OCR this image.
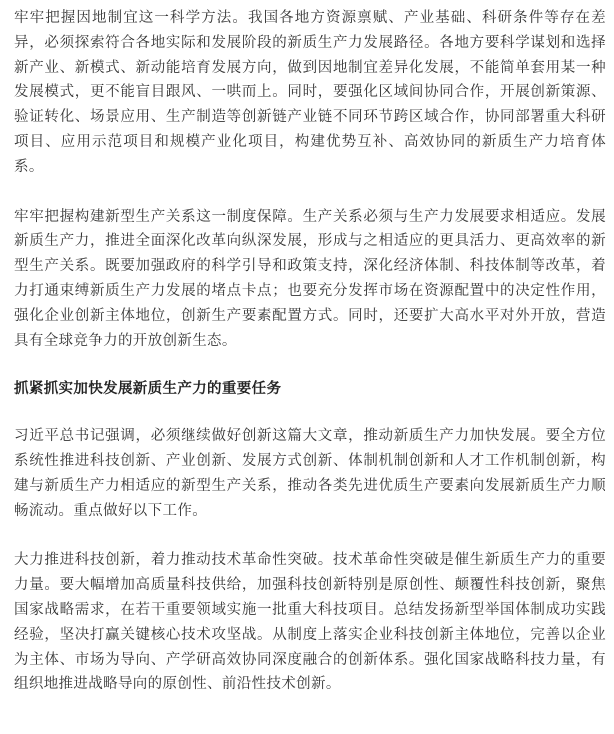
牢牢把握因地制宜这一科学方法。我国各地方资源禀赋、产业基础、科研条件等存在差异，必须探索符合各地实际和发展阶段的新质生产力发展路径。各地方要科学谋划和选择新产业、新模式、新动能培育发展方向，做到因地制宜差异化发展，不能简单套用某一种发展模式，更不能盲目跟风、一哄而上。同时，要强化区域间协同合作，开展创新策源、验证转化、场景应用、生产制造等创新链产业链不同环节跨区域合作，协同部署重大科研项目、应用示范项目和规模产业化项目，构建优势互补、高效协同的新质生产力培育体系。

牢牢把握构建新型生产关系这一制度保障。生产关系必须与生产力发展要求相适应。发展新质生产力，推进全面深化改革向纵深发展，形成与之相适应的更具活力、更高效率的新型生产关系。既要加强政府的科学引导和政策支持，深化经济体制、科技体制等改革，着力打通束缚新质生产力发展的堵点卡点；也要充分发挥市场在资源配置中的决定性作用，强化企业创新主体地位，创新生产要素配置方式。同时，还要扩大高水平对外开放，营造具有全球竞争力的开放创新生态。

抓紧抓实加快发展新质生产力的重要任务

习近平总书记强调，必须继续做好创新这篇大文章，推动新质生产力加快发展。要全方位系统性推进科技创新、产业创新、发展方式创新、体制机制创新和人才工作机制创新，构建与新质生产力相适应的新型生产关系，推动各类先进优质生产要素向发展新质生产力顺畅流动。重点做好以下工作。

大力推进科技创新，着力推动技术革命性突破。技术革命性突破是催生新质生产力的重要力量。要大幅增加高质量科技供给，加强科技创新特别是原创性、颠覆性科技创新，聚焦国家战略需求，在若干重要领域实施一批重大科技项目。总结发扬新型举国体制成功实践经验，坚决打赢关键核心技术攻坚战。从制度上落实企业科技创新主体地位，完善以企业为主体、市场为导向、产学研高效协同深度融合的创新体系。强化国家战略科技力量，有组织地推进战略导向的原创性、前沿性技术创新。
